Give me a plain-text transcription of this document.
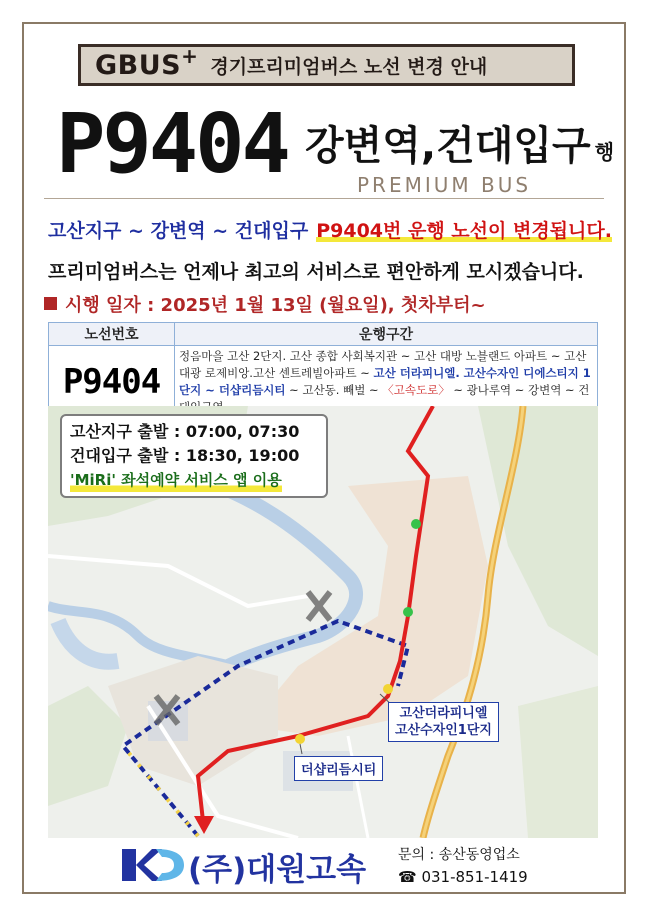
GBUS+ 경기프리미엄버스 노선 변경 안내
P9404 강변역,건대입구 행
PREMIUM BUS
고산지구 ~ 강변역 ~ 건대입구 P9404번 운행 노선이 변경됩니다.
프리미엄버스는 언제나 최고의 서비스로 편안하게 모시겠습니다.
시행 일자 : 2025년 1월 13일 (월요일), 첫차부터~
노선번호	운행구간
P9404	정음마을 고산 2단지. 고산 종합 사회복지관 ~ 고산 대방 노블랜드 아파트 ~ 고산 대광 로제비앙.고산 센트레빌아파트 ~ 고산 더라피니엘. 고산수자인 디에스티지 1단지 ~ 더샵리듬시티 ~ 고산동. 빼벌 ~ 〈고속도로〉 ~ 광나루역 ~ 강변역 ~ 건
고산지구 출발 : 07:00, 07:30
건대입구 출발 : 18:30, 19:00
'MiRi' 좌석예약 서비스 앱 이용
고산더라피니엘
고산수자인1단지
더샵리듬시티
(주)대원고속 문의 : 송산동영업소
☎ 031-851-1419
